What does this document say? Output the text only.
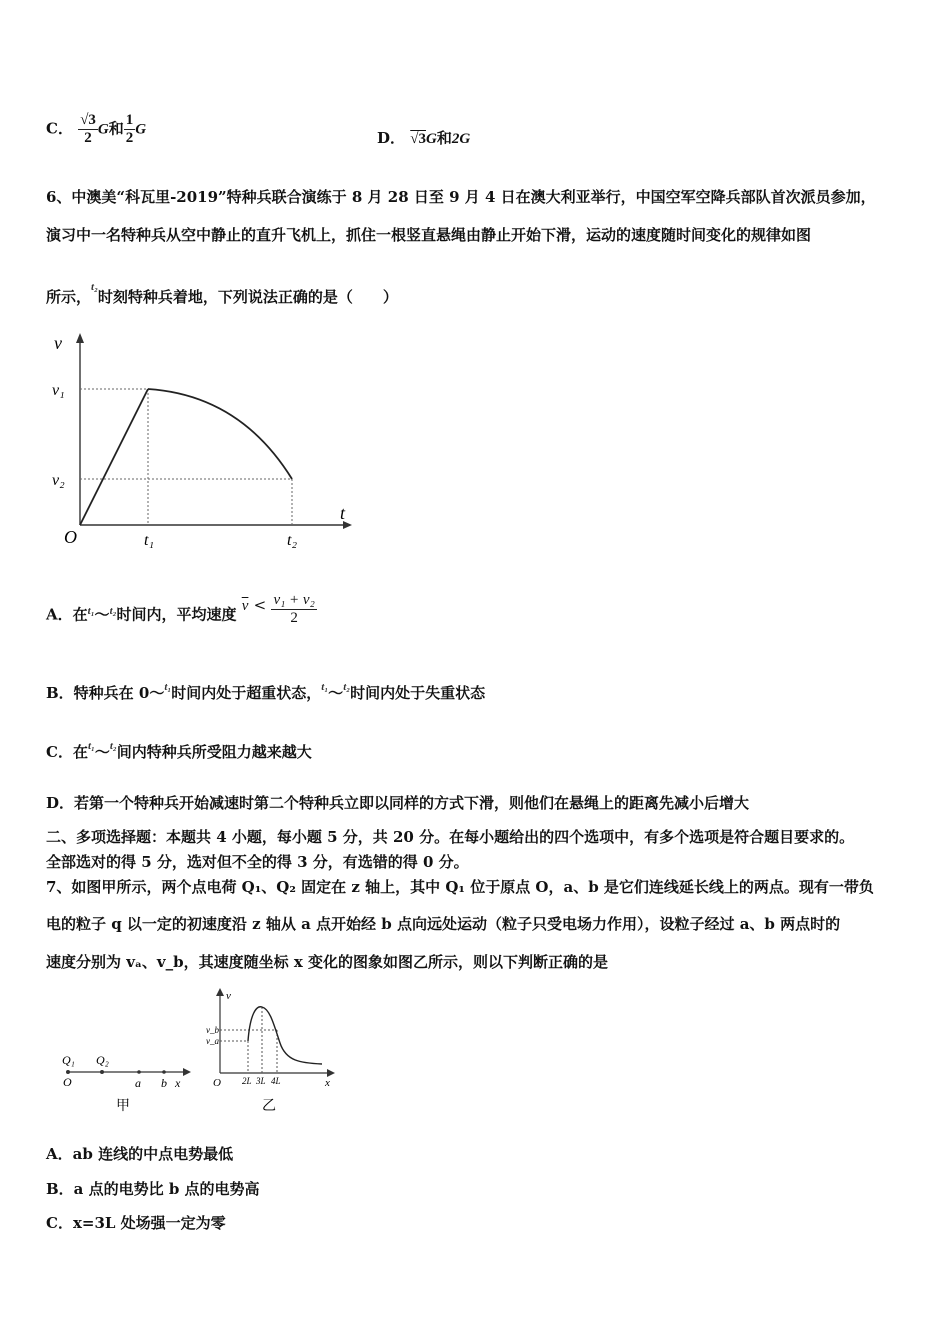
C． $\frac{√3}{2}$ G和 $\frac{1}{2}$ G	D． √3G和2G
6、中澳美“科瓦里-2019”特种兵联合演练于 8 月 28 日至 9 月 4 日在澳大利亚举行，中国空军空降兵部队首次派员参加，
演习中一名特种兵从空中静止的直升飞机上，抓住一根竖直悬绳由静止开始下滑，运动的速度随时间变化的规律如图
所示，$^{t_2}$时刻特种兵着地，下列说法正确的是（　　）
v
v₁
v₂
t
O	t₁	t₂
A．在$^{t_1}$～$^{t_2}$时间内，平均速度 $\overline{v} < \frac{\text{v₁ + v₂}}{2}$
B．特种兵在 0～$^{t_1}$时间内处于超重状态，$^{t_1}$～$^{t_2}$时间内处于失重状态
C．在$^{t_1}$～$^{t_2}$间内特种兵所受阻力越来越大
D．若第一个特种兵开始减速时第二个特种兵立即以同样的方式下滑，则他们在悬绳上的距离先减小后增大
二、多项选择题：本题共 4 小题，每小题 5 分，共 20 分。在每小题给出的四个选项中，有多个选项是符合题目要求的。
全部选对的得 5 分，选对但不全的得 3 分，有选错的得 0 分。
7、如图甲所示，两个点电荷 Q₁、Q₂ 固定在 z 轴上，其中 Q₁ 位于原点 O，a、b 是它们连线延长线上的两点。现有一带负
电的粒子 q 以一定的初速度沿 z 轴从 a 点开始经 b 点向远处运动（粒子只受电场力作用），设粒子经过 a、b 两点时的
速度分别为 vₐ、v_b，其速度随坐标 x 变化的图象如图乙所示，则以下判断正确的是
Q₁ Q₂
O	a b x
甲
v
v_b
v_a
O 2L 3L 4L	x
乙
A．ab 连线的中点电势最低
B．a 点的电势比 b 点的电势高
C．x=3L 处场强一定为零
